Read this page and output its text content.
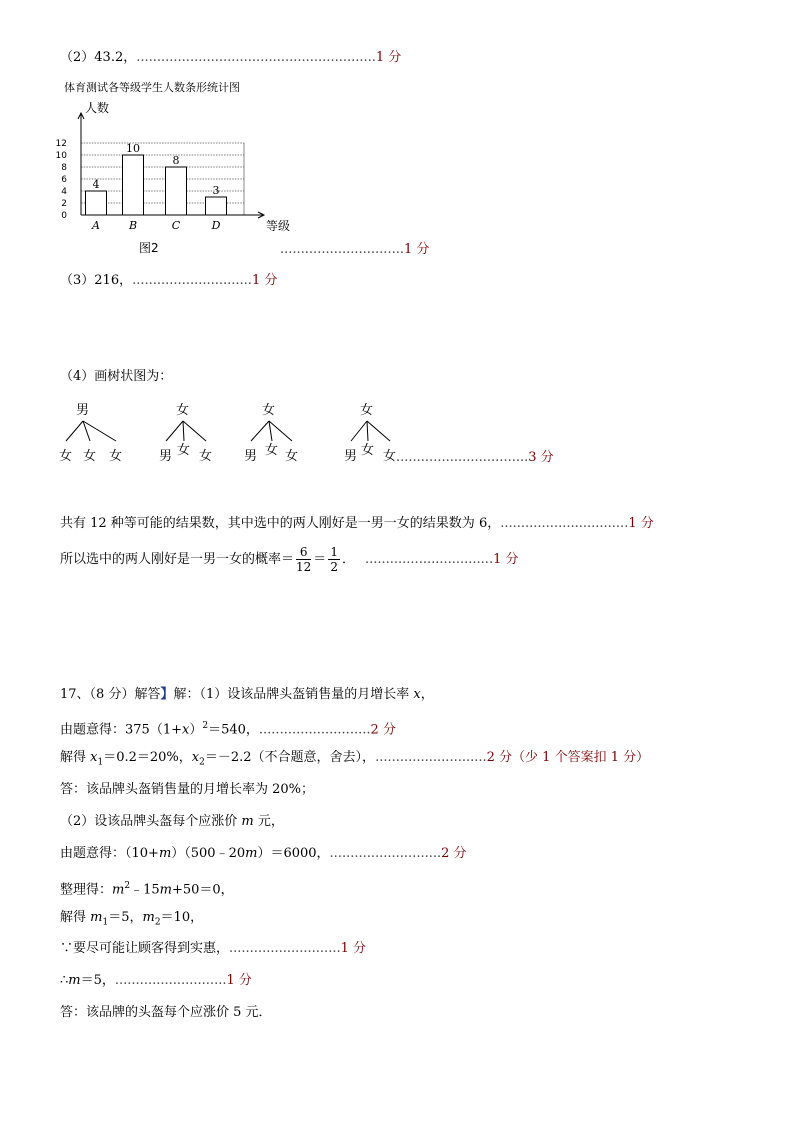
（2）43.2，..........................................................1 分
体育测试各等级学生人数条形统计图
0
2
4
6
8
10
12
人数
等级
4
A
10
B
8
C
3
D
图2	..............................1 分
（3）216，.............................1 分
（4）画树状图为：
男
女 女 女
女
男 女 女
女
男 女 女
女
男 女 女 ................................3 分
共有 12 种等可能的结果数，其中选中的两人刚好是一男一女的结果数为 6，...............................1 分
所以选中的两人刚好是一男一女的概率＝ $\frac{6}{12} = \frac{1}{2}$ ． ...............................1 分
17、（8 分）解答】解：（1）设该品牌头盔销售量的月增长率 x，
由题意得：$375(1+x)^2=540$，...........................2 分
解得 $x_1=0.2=20\%$，$x_2=-2.2$（不合题意，舍去），...........................2 分（少 1 个答案扣 1 分）
答：该品牌头盔销售量的月增长率为 20%；
（2）设该品牌头盔每个应涨价 m 元，
由题意得：（10+m）（500﹣20m）＝6000，...........................2 分
整理得：$m^2﹣15m+50=0$，
解得 $m_1=5$，$m_2=10$，
∵要尽可能让顾客得到实惠，...........................1 分
∴m＝5，...........................1 分
答：该品牌的头盔每个应涨价 5 元．
